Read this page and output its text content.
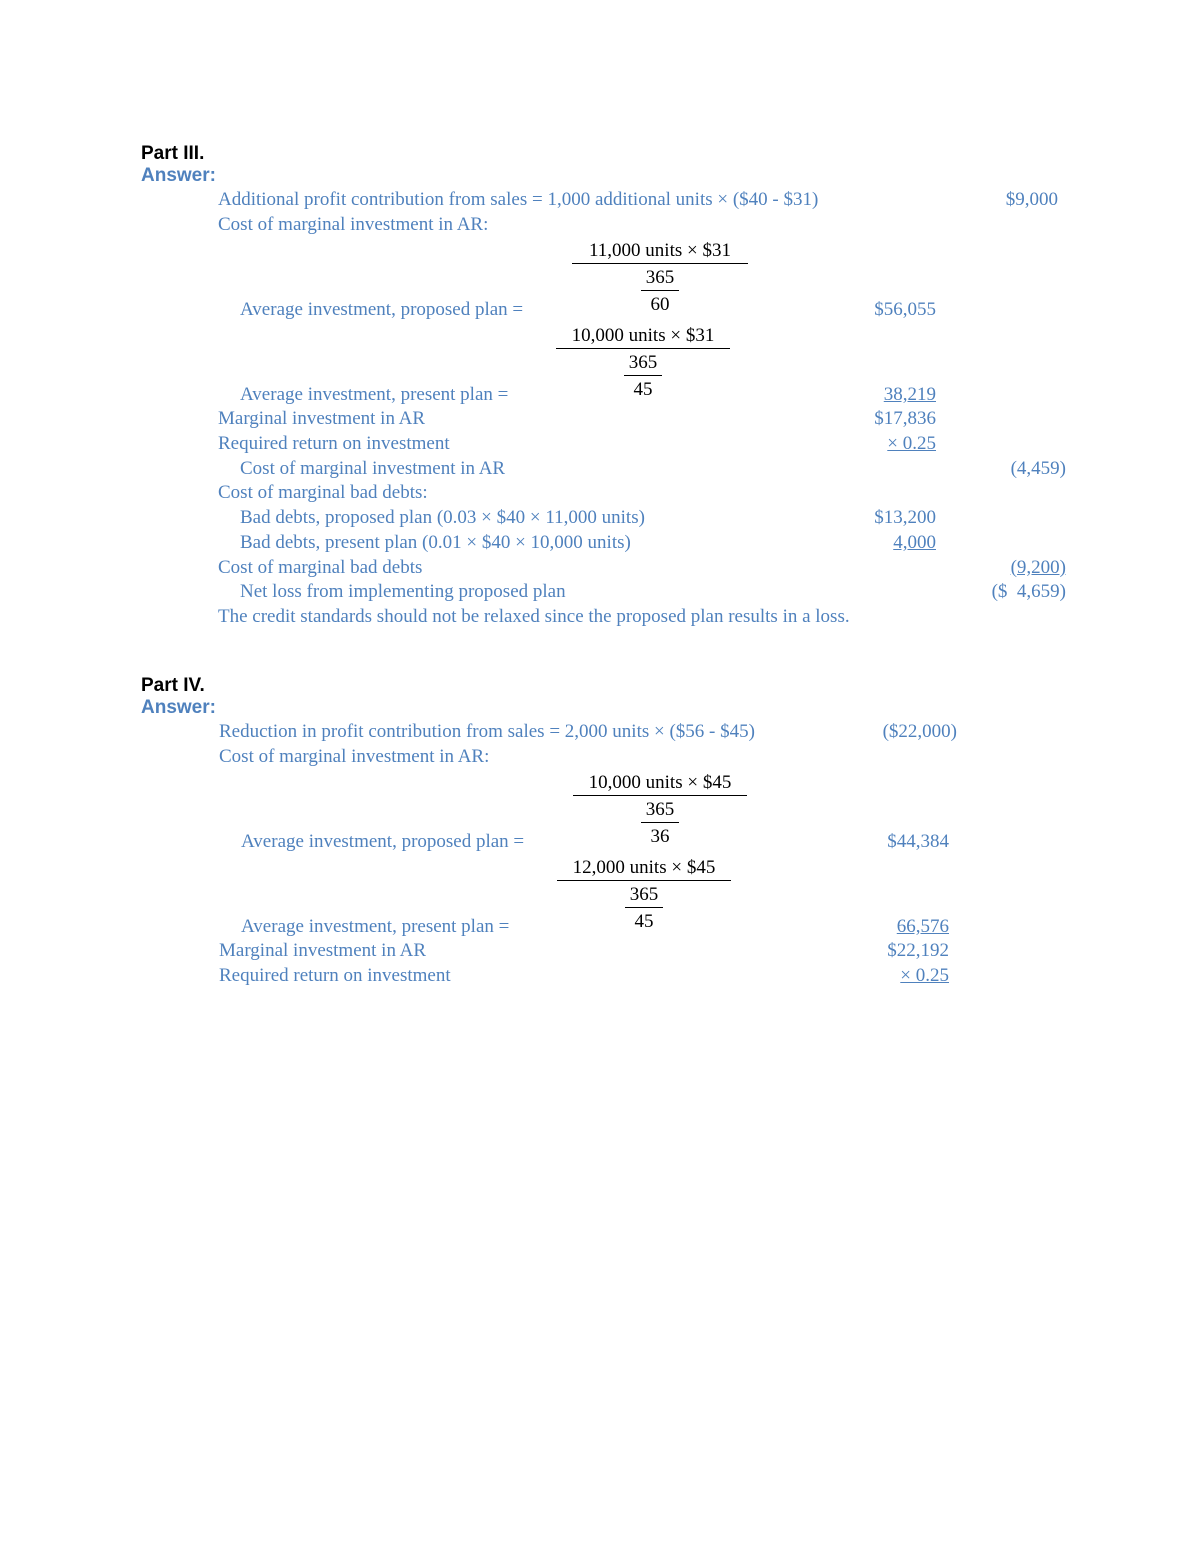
Part III.
Answer:
Additional profit contribution from sales = 1,000 additional units × ($40 - $31)	$9,000
Cost of marginal investment in AR:
11,000 units × $31
365
60
Average investment, proposed plan =	$56,055
10,000 units × $31
365
45
Average investment, present plan =	38,219
Marginal investment in AR	$17,836
Required return on investment	× 0.25
Cost of marginal investment in AR	(4,459)
Cost of marginal bad debts:
Bad debts, proposed plan (0.03 × $40 × 11,000 units)	$13,200
Bad debts, present plan (0.01 × $40 × 10,000 units)	4,000
Cost of marginal bad debts	(9,200)
Net loss from implementing proposed plan	($  4,659)
The credit standards should not be relaxed since the proposed plan results in a loss.
Part IV.
Answer:
Reduction in profit contribution from sales = 2,000 units × ($56 - $45)	($22,000)
Cost of marginal investment in AR:
10,000 units × $45
365
36
Average investment, proposed plan =	$44,384
12,000 units × $45
365
45
Average investment, present plan =	66,576
Marginal investment in AR	$22,192
Required return on investment	× 0.25
